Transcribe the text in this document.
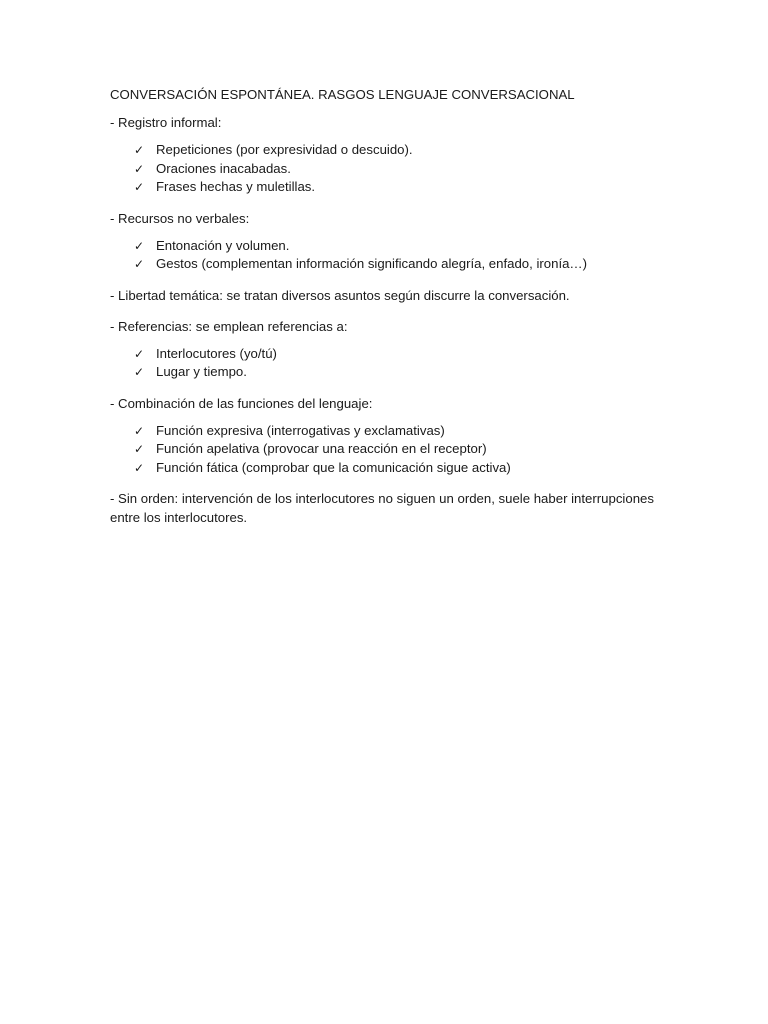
CONVERSACIÓN ESPONTÁNEA. RASGOS LENGUAJE CONVERSACIONAL

- Registro informal:

✓ Repeticiones (por expresividad o descuido).
✓ Oraciones inacabadas.
✓ Frases hechas y muletillas.

- Recursos no verbales:

✓ Entonación y volumen.
✓ Gestos (complementan información significando alegría, enfado, ironía…)

- Libertad temática: se tratan diversos asuntos según discurre la conversación.

- Referencias: se emplean referencias a:

✓ Interlocutores (yo/tú)
✓ Lugar y tiempo.

- Combinación de las funciones del lenguaje:

✓ Función expresiva (interrogativas y exclamativas)
✓ Función apelativa (provocar una reacción en el receptor)
✓ Función fática (comprobar que la comunicación sigue activa)

- Sin orden: intervención de los interlocutores no siguen un orden, suele haber interrupciones entre los interlocutores.
